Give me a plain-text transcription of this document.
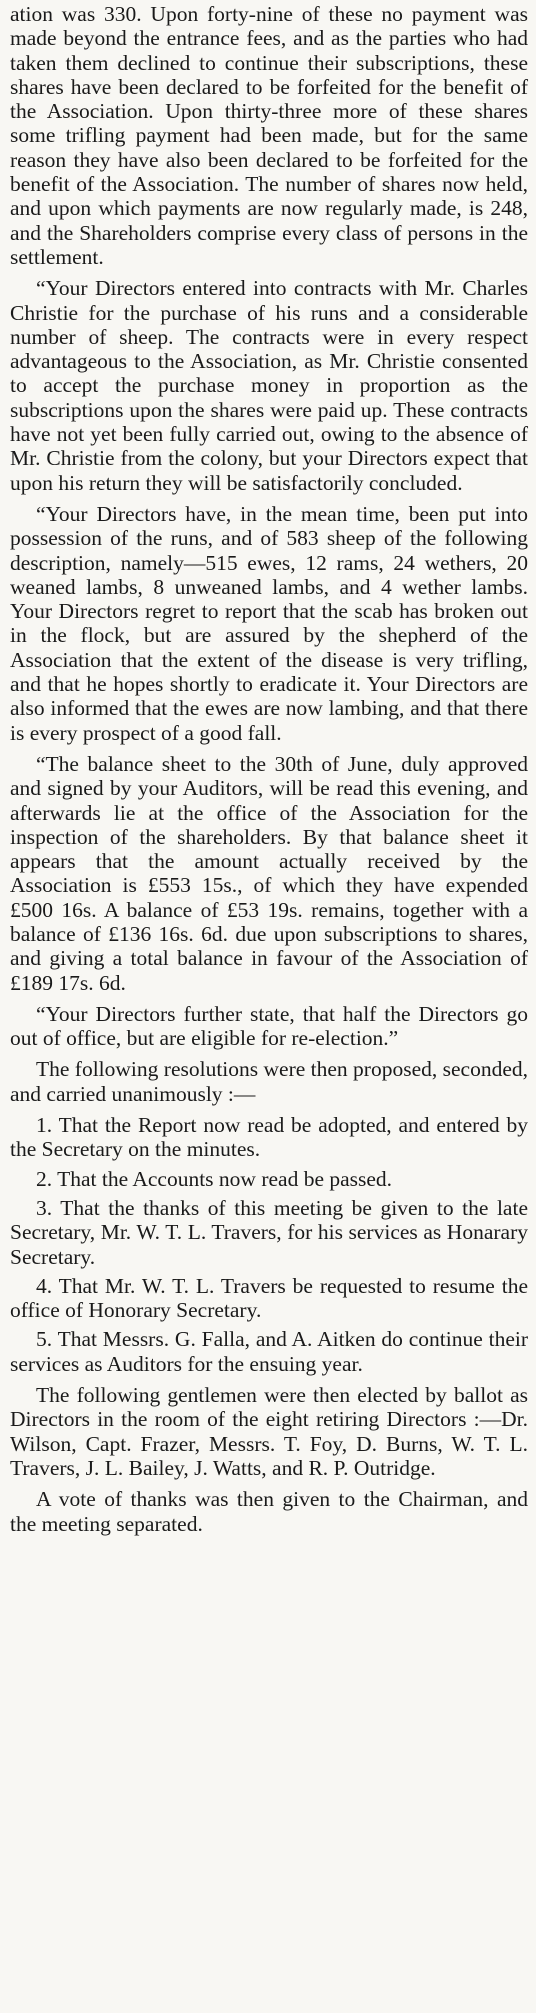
ation was 330. Upon forty-nine of these no payment was made beyond the entrance fees, and as the parties who had taken them declined to continue their subscriptions, these shares have been declared to be forfeited for the benefit of the Association. Upon thirty-three more of these shares some trifling payment had been made, but for the same reason they have also been declared to be forfeited for the benefit of the Association. The number of shares now held, and upon which payments are now regularly made, is 248, and the Shareholders comprise every class of persons in the settlement.

“Your Directors entered into contracts with Mr. Charles Christie for the purchase of his runs and a considerable number of sheep. The contracts were in every respect advantageous to the Association, as Mr. Christie consented to accept the purchase money in proportion as the subscriptions upon the shares were paid up. These contracts have not yet been fully carried out, owing to the absence of Mr. Christie from the colony, but your Directors expect that upon his return they will be satisfactorily concluded.

“Your Directors have, in the mean time, been put into possession of the runs, and of 583 sheep of the following description, namely—515 ewes, 12 rams, 24 wethers, 20 weaned lambs, 8 unweaned lambs, and 4 wether lambs. Your Directors regret to report that the scab has broken out in the flock, but are assured by the shepherd of the Association that the extent of the disease is very trifling, and that he hopes shortly to eradicate it. Your Directors are also informed that the ewes are now lambing, and that there is every prospect of a good fall.

“The balance sheet to the 30th of June, duly approved and signed by your Auditors, will be read this evening, and afterwards lie at the office of the Association for the inspection of the shareholders. By that balance sheet it appears that the amount actually received by the Association is £553 15s., of which they have expended £500 16s. A balance of £53 19s. remains, together with a balance of £136 16s. 6d. due upon subscriptions to shares, and giving a total balance in favour of the Association of £189 17s. 6d.

“Your Directors further state, that half the Directors go out of office, but are eligible for re-election.”

The following resolutions were then proposed, seconded, and carried unanimously :—

1. That the Report now read be adopted, and entered by the Secretary on the minutes.

2. That the Accounts now read be passed.

3. That the thanks of this meeting be given to the late Secretary, Mr. W. T. L. Travers, for his services as Honarary Secretary.

4. That Mr. W. T. L. Travers be requested to resume the office of Honorary Secretary.

5. That Messrs. G. Falla, and A. Aitken do continue their services as Auditors for the ensuing year.

The following gentlemen were then elected by ballot as Directors in the room of the eight retiring Directors :—Dr. Wilson, Capt. Frazer, Messrs. T. Foy, D. Burns, W. T. L. Travers, J. L. Bailey, J. Watts, and R. P. Outridge.

A vote of thanks was then given to the Chairman, and the meeting separated.
